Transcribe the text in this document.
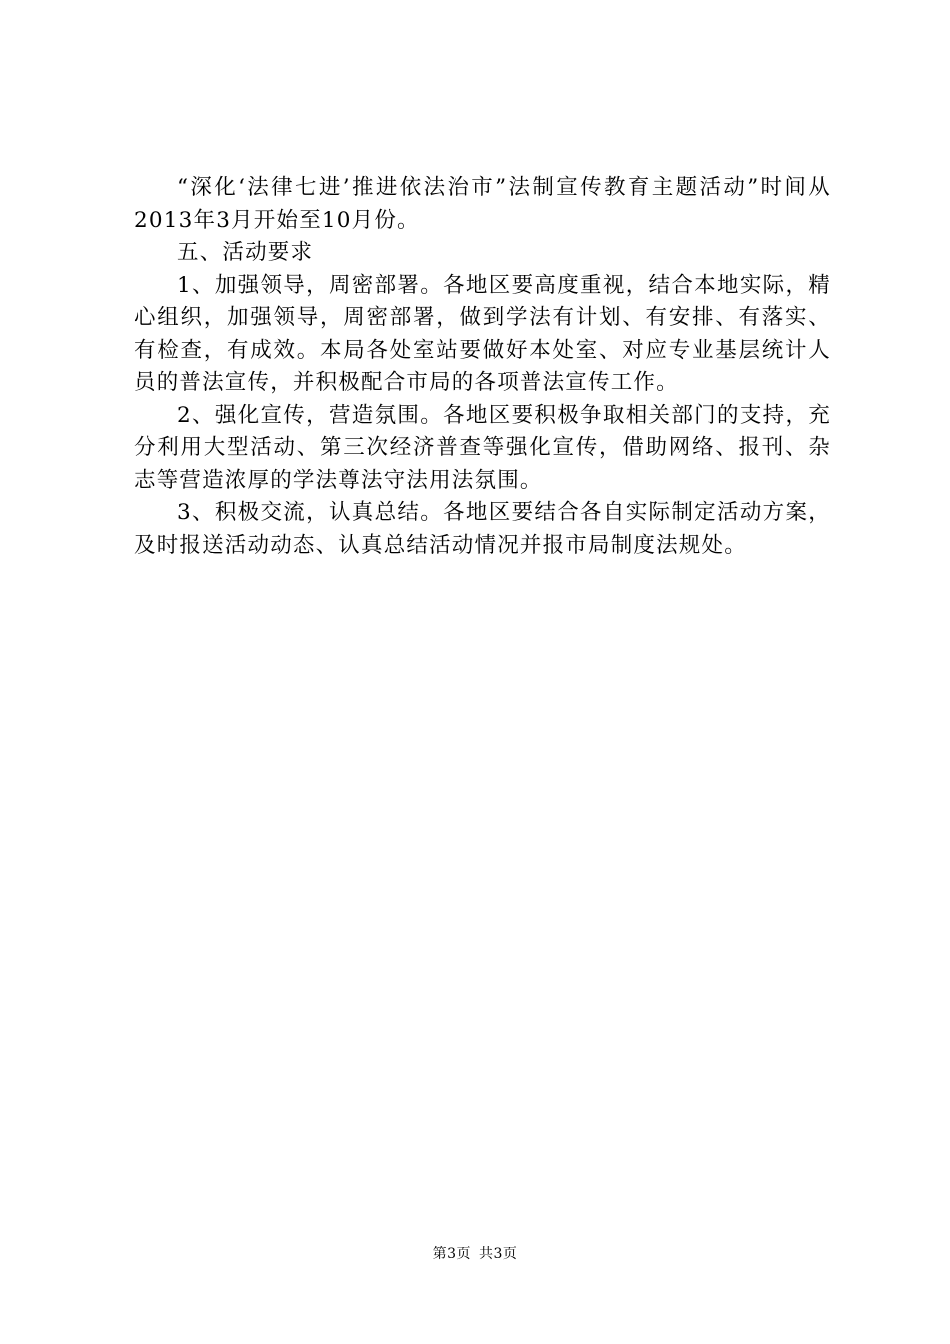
“深化‘法律七进’推进依法治市”法制宣传教育主题活动”时间从2013年3月开始至10月份。

五、活动要求

1、加强领导，周密部署。各地区要高度重视，结合本地实际，精心组织，加强领导，周密部署，做到学法有计划、有安排、有落实、有检查，有成效。本局各处室站要做好本处室、对应专业基层统计人员的普法宣传，并积极配合市局的各项普法宣传工作。

2、强化宣传，营造氛围。各地区要积极争取相关部门的支持，充分利用大型活动、第三次经济普查等强化宣传，借助网络、报刊、杂志等营造浓厚的学法尊法守法用法氛围。

3、积极交流，认真总结。各地区要结合各自实际制定活动方案，及时报送活动动态、认真总结活动情况并报市局制度法规处。

第3页 共3页
